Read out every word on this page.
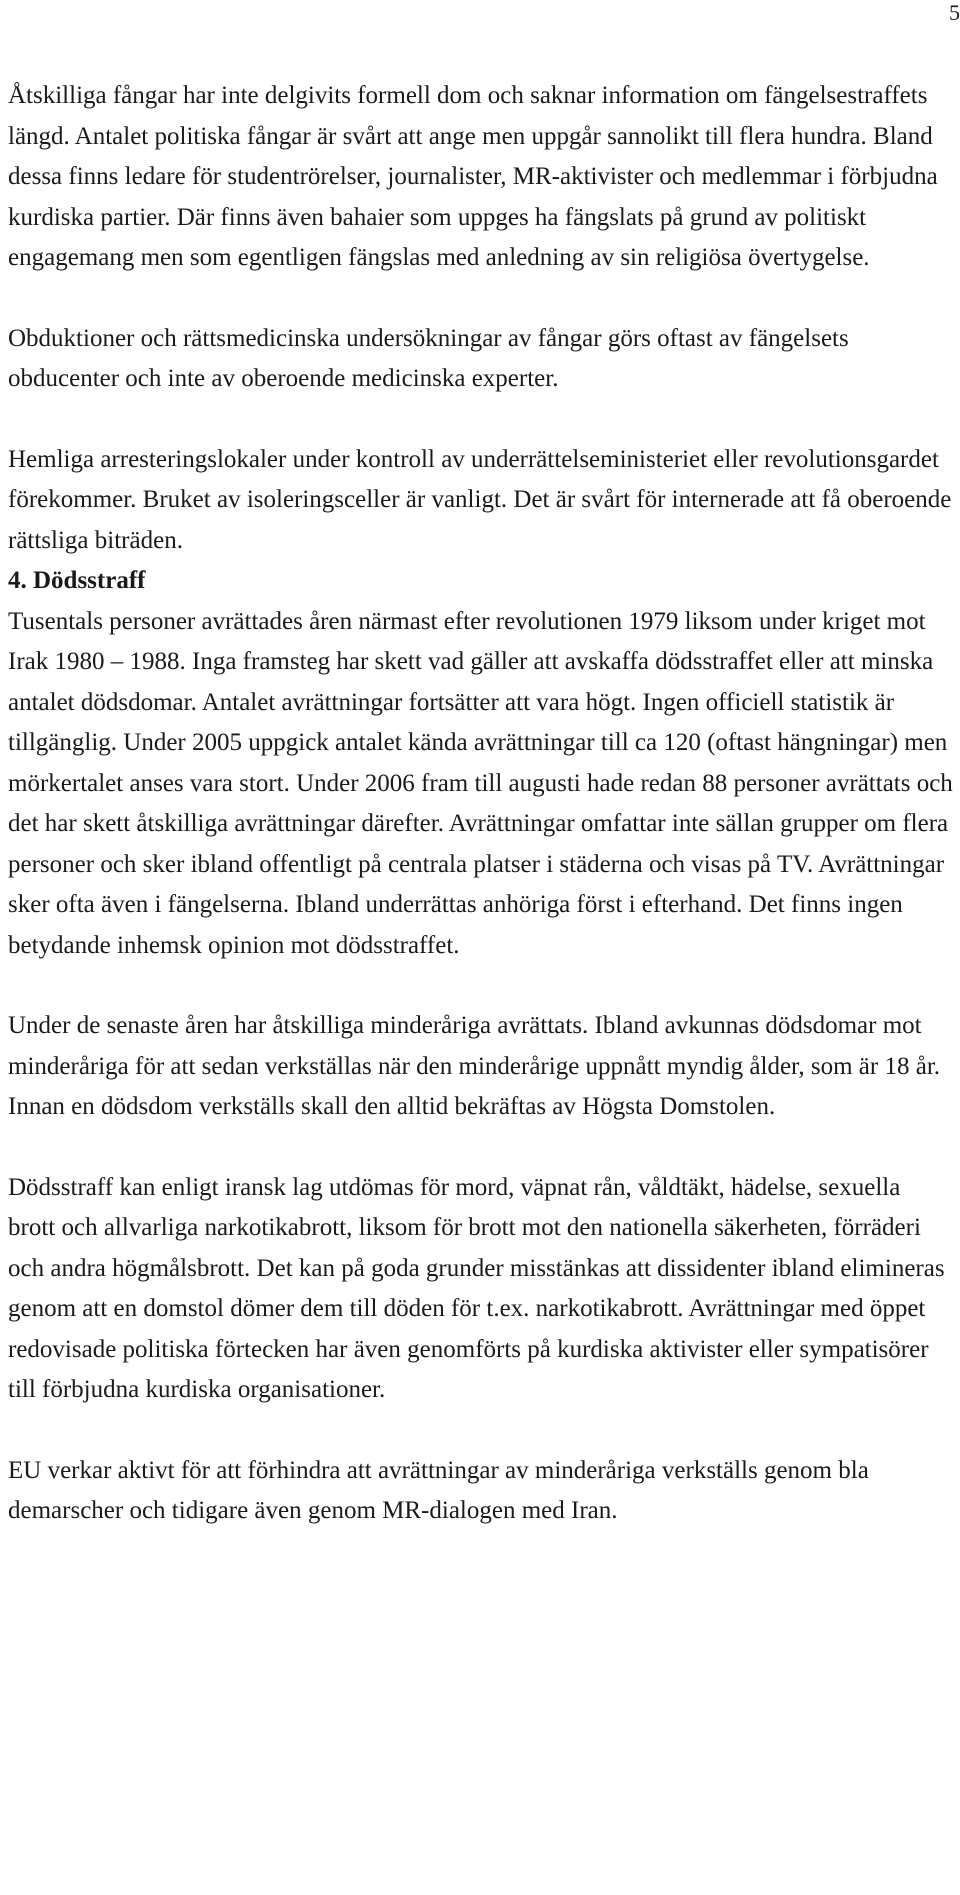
5

Åtskilliga fångar har inte delgivits formell dom och saknar information om fängelsestraffets längd. Antalet politiska fångar är svårt att ange men uppgår sannolikt till flera hundra. Bland dessa finns ledare för studentrörelser, journalister, MR-aktivister och medlemmar i förbjudna kurdiska partier. Där finns även bahaier som uppges ha fängslats på grund av politiskt engagemang men som egentligen fängslas med anledning av sin religiösa övertygelse.

Obduktioner och rättsmedicinska undersökningar av fångar görs oftast av fängelsets obducenter och inte av oberoende medicinska experter.

Hemliga arresteringslokaler under kontroll av underrättelseministeriet eller revolutionsgardet förekommer. Bruket av isoleringsceller är vanligt. Det är svårt för internerade att få oberoende rättsliga biträden.

4. Dödsstraff

Tusentals personer avrättades åren närmast efter revolutionen 1979 liksom under kriget mot Irak 1980 – 1988. Inga framsteg har skett vad gäller att avskaffa dödsstraffet eller att minska antalet dödsdomar. Antalet avrättningar fortsätter att vara högt. Ingen officiell statistik är tillgänglig. Under 2005 uppgick antalet kända avrättningar till ca 120 (oftast hängningar) men mörkertalet anses vara stort. Under 2006 fram till augusti hade redan 88 personer avrättats och det har skett åtskilliga avrättningar därefter. Avrättningar omfattar inte sällan grupper om flera personer och sker ibland offentligt på centrala platser i städerna och visas på TV. Avrättningar sker ofta även i fängelserna. Ibland underrättas anhöriga först i efterhand. Det finns ingen betydande inhemsk opinion mot dödsstraffet.

Under de senaste åren har åtskilliga minderåriga avrättats. Ibland avkunnas dödsdomar mot minderåriga för att sedan verkställas när den minderårige uppnått myndig ålder, som är 18 år. Innan en dödsdom verkställs skall den alltid bekräftas av Högsta Domstolen.

Dödsstraff kan enligt iransk lag utdömas för mord, väpnat rån, våldtäkt, hädelse, sexuella brott och allvarliga narkotikabrott, liksom för brott mot den nationella säkerheten, förräderi och andra högmålsbrott. Det kan på goda grunder misstänkas att dissidenter ibland elimineras genom att en domstol dömer dem till döden för t.ex. narkotikabrott. Avrättningar med öppet redovisade politiska förtecken har även genomförts på kurdiska aktivister eller sympatisörer till förbjudna kurdiska organisationer.

EU verkar aktivt för att förhindra att avrättningar av minderåriga verkställs genom bla demarscher och tidigare även genom MR-dialogen med Iran.
